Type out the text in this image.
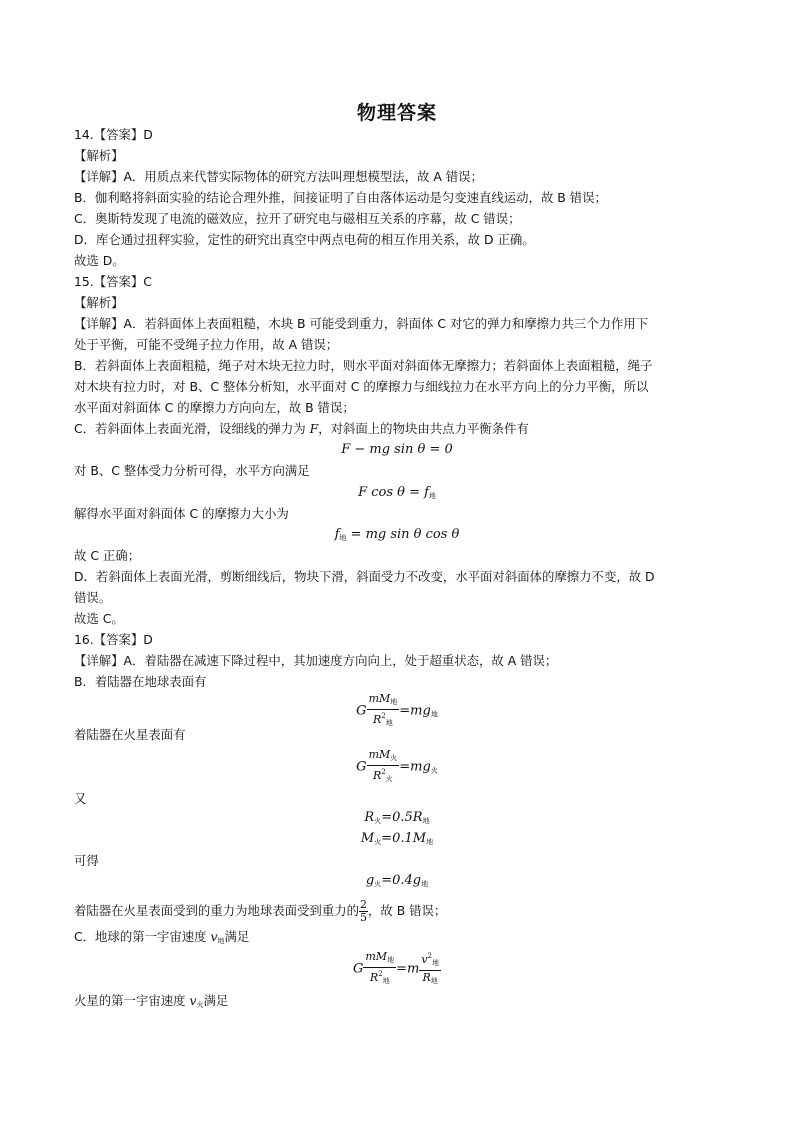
物理答案
14.【答案】D
【解析】
【详解】A．用质点来代替实际物体的研究方法叫理想模型法，故 A 错误；
B．伽利略将斜面实验的结论合理外推，间接证明了自由落体运动是匀变速直线运动，故 B 错误；
C．奥斯特发现了电流的磁效应，拉开了研究电与磁相互关系的序幕，故 C 错误；
D．库仑通过扭秤实验，定性的研究出真空中两点电荷的相互作用关系，故 D 正确。
故选 D。
15.【答案】C
【解析】
【详解】A．若斜面体上表面粗糙，木块 B 可能受到重力，斜面体 C 对它的弹力和摩擦力共三个力作用下
处于平衡，可能不受绳子拉力作用，故 A 错误；
B．若斜面体上表面粗糙，绳子对木块无拉力时，则水平面对斜面体无摩擦力；若斜面体上表面粗糙，绳子
对木块有拉力时，对 B、C 整体分析知，水平面对 C 的摩擦力与细线拉力在水平方向上的分力平衡，所以
水平面对斜面体 C 的摩擦力方向向左，故 B 错误；
C．若斜面体上表面光滑，设细线的弹力为 F，对斜面上的物块由共点力平衡条件有
F − mg sin θ = 0
对 B、C 整体受力分析可得，水平方向满足
F $\cos \theta = f_地$
解得水平面对斜面体 C 的摩擦力大小为
$f_地$ = mg sin θ cos θ
故 C 正确；
D．若斜面体上表面光滑，剪断细线后，物块下滑，斜面受力不改变，水平面对斜面体的摩擦力不变，故 D
错误。
故选 C。
16.【答案】D
【详解】A．着陆器在减速下降过程中，其加速度方向向上，处于超重状态，故 A 错误；
B．着陆器在地球表面有
G $\frac{mM_地}{R^2_地} =mg_地$
着陆器在火星表面有
G $\frac{mM_火}{R^2_火} =mg_火$
又
$R_火=0.5R_地$
$M_火=0.1M_地$
可得
$g_火=0.4g_地$
着陆器在火星表面受到的重力为地球表面受到重力的 $\frac{2}{5}$ ，故 B 错误；
C．地球的第一宇宙速度 $v_地$满足
G $\frac{mM_地}{R^2_地} =m \frac{v^2_地}{R_地}$
火星的第一宇宙速度 $v_火$满足
